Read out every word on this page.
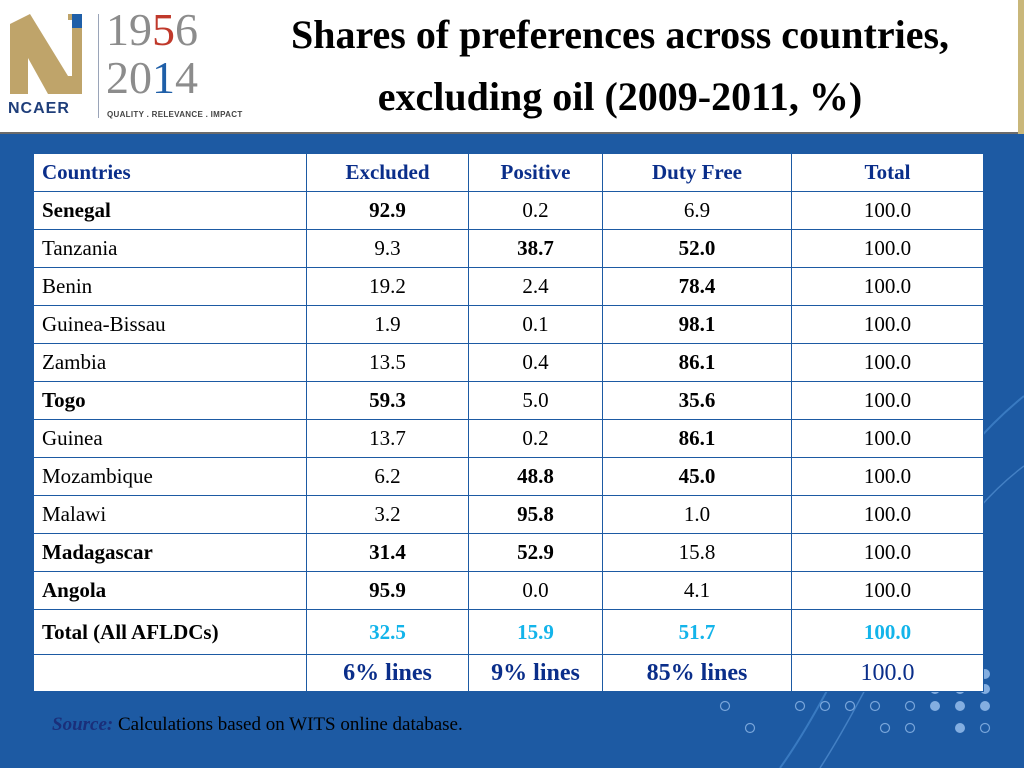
NCAER
1956
2014
QUALITY . RELEVANCE . IMPACT
Shares of preferences across countries,
excluding oil (2009-2011, %)
Countries	Excluded	Positive	Duty Free	Total
Senegal	92.9	0.2	6.9	100.0
Tanzania	9.3	38.7	52.0	100.0
Benin	19.2	2.4	78.4	100.0
Guinea-Bissau	1.9	0.1	98.1	100.0
Zambia	13.5	0.4	86.1	100.0
Togo	59.3	5.0	35.6	100.0
Guinea	13.7	0.2	86.1	100.0
Mozambique	6.2	48.8	45.0	100.0
Malawi	3.2	95.8	1.0	100.0
Madagascar	31.4	52.9	15.8	100.0
Angola	95.9	0.0	4.1	100.0
Total (All AFLDCs)	32.5	15.9	51.7	100.0
	6% lines	9% lines	85% lines	100.0
Source: Calculations based on WITS online database.
